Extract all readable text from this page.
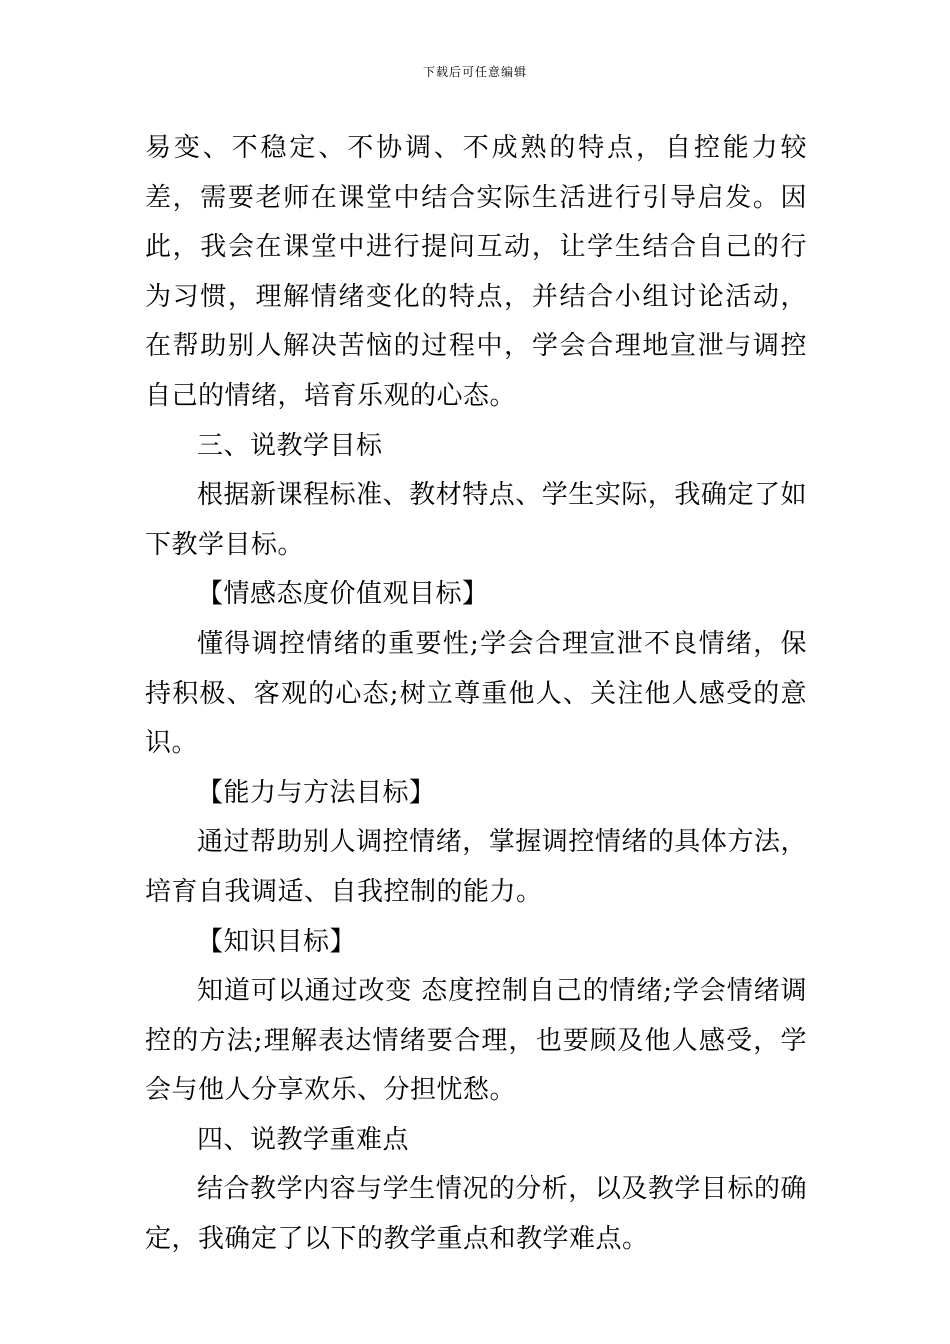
下载后可任意编辑

易变、不稳定、不协调、不成熟的特点，自控能力较差，需要老师在课堂中结合实际生活进行引导启发。因此，我会在课堂中进行提问互动，让学生结合自己的行为习惯，理解情绪变化的特点，并结合小组讨论活动，在帮助别人解决苦恼的过程中，学会合理地宣泄与调控自己的情绪，培育乐观的心态。

三、说教学目标

根据新课程标准、教材特点、学生实际，我确定了如下教学目标。

【情感态度价值观目标】

懂得调控情绪的重要性;学会合理宣泄不良情绪，保持积极、客观的心态;树立尊重他人、关注他人感受的意识。

【能力与方法目标】

通过帮助别人调控情绪，掌握调控情绪的具体方法，培育自我调适、自我控制的能力。

【知识目标】

知道可以通过改变 态度控制自己的情绪;学会情绪调控的方法;理解表达情绪要合理，也要顾及他人感受，学会与他人分享欢乐、分担忧愁。

四、说教学重难点

结合教学内容与学生情况的分析，以及教学目标的确定，我确定了以下的教学重点和教学难点。
